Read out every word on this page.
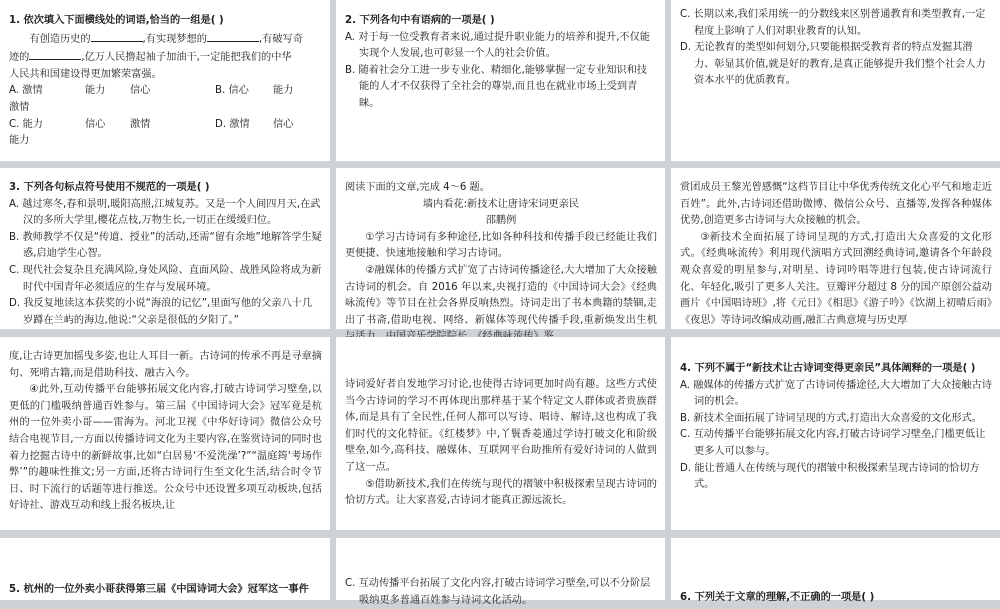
1. 依次填入下面横线处的词语,恰当的一组是( )

有创造历史的	,有实现梦想的	,有破写奇

迹的	,亿万人民撸起袖子加油干,一定能把我们的中华

人民共和国建设得更加繁荣富强。

A. 激情	能力	信心	B. 信心	能力
激情
C. 能力	信心	激情	D. 激情	信心
能力

2. 下列各句中有语病的一项是( )

A. 对于每一位受教育者来说,通过提升职业能力的培养和提升,不仅能实现个人发展,也可彰显一个人的社会价值。

B. 随着社会分工进一步专业化、精细化,能够掌握一定专业知识和技能的人才不仅获得了全社会的尊崇,而且也在就业市场上受到青睐。

C. 长期以来,我们采用统一的分数线来区别普通教育和类型教育,一定程度上影响了人们对职业教育的认知。

D. 无论教育的类型如何划分,只要能根据受教育者的特点发掘其潜力、彰显其价值,就是好的教育,是真正能够提升我们整个社会人力资本水平的优质教育。

3. 下列各句标点符号使用不规范的一项是( )

A. 越过寒冬,春和景明,暖阳高照,江城复苏。又是一个人间四月天,在武汉的多所大学里,樱花点枝,万物生长,一切正在缓缓归位。

B. 教师教学不仅是“传道、授业”的活动,还需“留有余地”地解答学生疑惑,启迪学生心智。

C. 现代社会复杂且充满风险,身处风险、直面风险、战胜风险将成为新时代中国青年必须适应的生存与发展环境。

D. 我反复地读这本获奖的小说“海浪的记忆”,里面写他的父亲八十几岁蹲在兰屿的海边,他说:“父亲是很低的夕阳了。”

阅读下面的文章,完成 4～6 题。

墙内看花:新技术让唐诗宋词更亲民

邵鹏例

①学习古诗词有多种途径,比如各种科技和传播手段已经能让我们更便捷、快速地接触和学习古诗词。

②融媒体的传播方式扩宽了古诗词传播途径,大大增加了大众接触古诗词的机会。自 2016 年以来,央视打造的《中国诗词大会》《经典咏流传》等节目在社会各界反响热烈。诗词走出了书本典籍的禁锢,走出了书斋,借助电视、网络、新媒体等现代传播手段,重新焕发出生机

赏团成员王黎光曾感慨“这档节目让中华优秀传统文化心平气和地走近百姓”。此外,古诗词还借助微博、微信公众号、直播等,发挥各种媒体优势,创造更多古诗词与大众接触的机会。

③新技术全面拓展了诗词呈现的方式,打造出大众喜爱的文化形式。《经典咏流传》利用现代演唱方式回溯经典诗词,邀请各个年龄段观众喜爱的明星参与,对明星、诗词吟唱等进行包装,使古诗词流行化、年轻化,吸引了更多人关注。豆瓣评分超过 8 分的国产原创公益动画片《中国唱诗班》,将《元日》《相思》《游子吟》《饮湖上初晴后雨》《夜思》等诗词改编成动画,融汇古典意境与历史厚

度,让古诗更加摇曳多姿,也让人耳目一新。古诗词的传承不再是寻章摘句、死啃古籍,而是借助科技、融古入今。

④此外,互动传播平台能够拓展文化内容,打破古诗词学习壁垒,以更低的门槛吸纳普通百姓参与。第三届《中国诗词大会》冠军竟是杭州的一位外卖小哥——雷海为。河北卫视《中华好诗词》微信公众号结合电视节目,一方面以传播诗词文化为主要内容,在鉴赏诗词的同时也着力挖掘古诗中的新鲜故事,比如“白居易‘不爱洗澡’?”“温庭筠‘考场作弊’”的趣味性推文;另一方面,还将古诗词行生至文化生活,结合时令节日、时下流行的话题等进行推送。公众号中还设置多项互动板块,包括好诗社、游戏互动和线上报名板块,让

诗词爱好者自发地学习讨论,也使得古诗词更加时尚有趣。这些方式使当今古诗词的学习不再体现出那样基于某个特定文人群体或者贵族群体,而是具有了全民性,任何人都可以写诗、唱诗、解诗,这也构成了我们时代的文化特征。《红楼梦》中,丫鬟香菱通过学诗打破文化和阶级壁垒,如今,高科技、融媒体、互联网平台助推所有爱好诗词的人做到了这一点。

⑤借助新技术,我们在传统与现代的褶皱中积极探索呈现古诗词的恰切方式。让大家喜爱,古诗词才能真正源远流长。

4. 下列不属于“新技术让古诗词变得更亲民”具体阐释的一项是( )

A. 融媒体的传播方式扩宽了古诗词传播途径,大大增加了大众接触古诗词的机会。

B. 新技术全面拓展了诗词呈现的方式,打造出大众喜爱的文化形式。

C. 互动传播平台能够拓展文化内容,打破古诗词学习壁垒,门槛更低让更多人可以参与。

D. 能让普通人在传统与现代的褶皱中积极探索呈现古诗词的恰切方式。

5. 杭州的一位外卖小哥获得第三届《中国诗词大会》冠军这一事件

C. 互动传播平台拓展了文化内容,打破古诗词学习壁垒,可以不分阶层吸纳更多普通百姓参与诗词文化活动。	6. 下列关于文章的理解,不正确的一项是( )
